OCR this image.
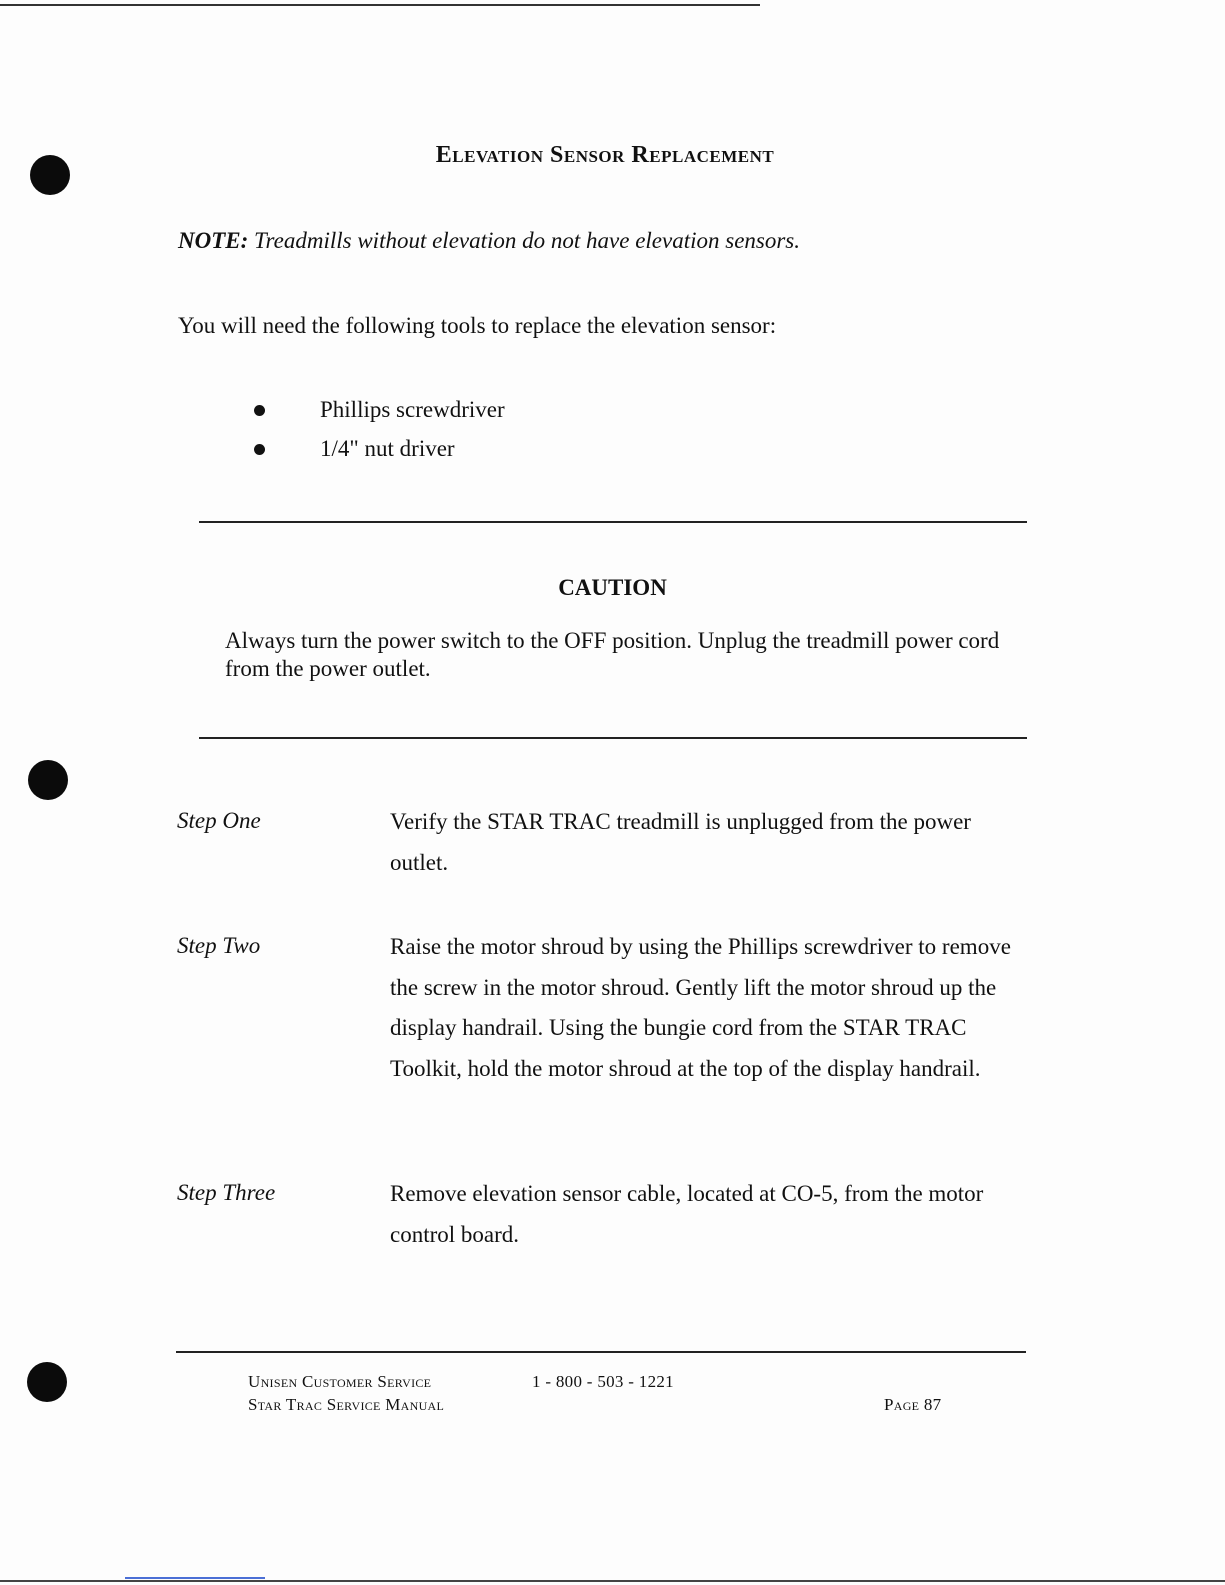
Elevation Sensor Replacement
NOTE: Treadmills without elevation do not have elevation sensors.
You will need the following tools to replace the elevation sensor:
Phillips screwdriver
1/4" nut driver
CAUTION
Always turn the power switch to the OFF position. Unplug the treadmill power cord from the power outlet.
Step One	Verify the STAR TRAC treadmill is unplugged from the power outlet.
Step Two	Raise the motor shroud by using the Phillips screwdriver to remove the screw in the motor shroud. Gently lift the motor shroud up the display handrail. Using the bungie cord from the STAR TRAC Toolkit, hold the motor shroud at the top of the display handrail.
Step Three	Remove elevation sensor cable, located at CO-5, from the motor control board.
Unisen Customer Service
Star Trac Service Manual
1 - 800 - 503 - 1221
Page 87
